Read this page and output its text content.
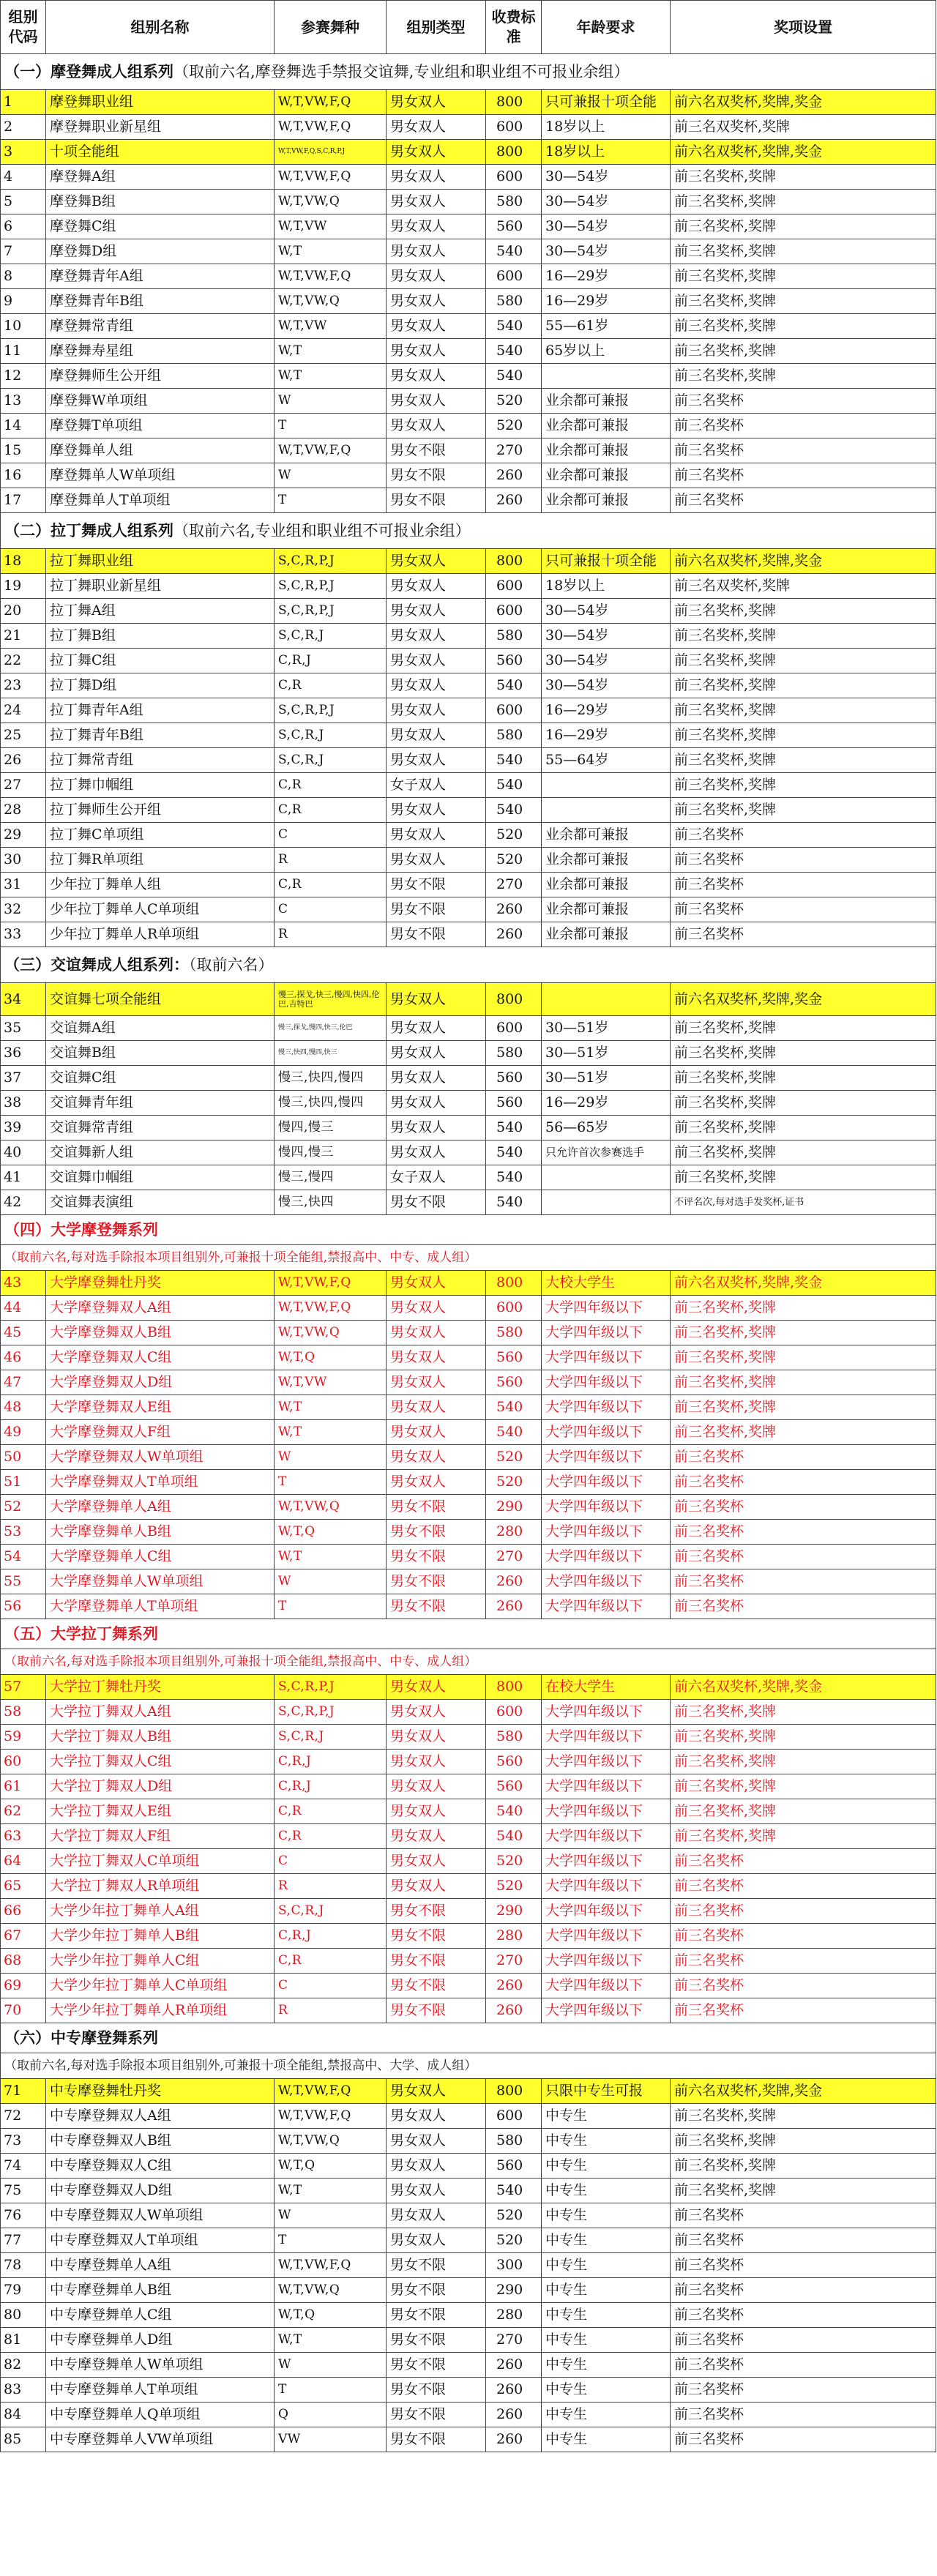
组别代码	组别名称	参赛舞种	组别类型	收费标准	年龄要求	奖项设置
（一）摩登舞成人组系列（取前六名,摩登舞选手禁报交谊舞,专业组和职业组不可报业余组）						
1	摩登舞职业组	W,T,VW,F,Q	男女双人	800	只可兼报十项全能	前六名双奖杯,奖牌,奖金
2	摩登舞职业新星组	W,T,VW,F,Q	男女双人	600	18岁以上	前三名双奖杯,奖牌
3	十项全能组	W,T,VW,F,Q,S,C,R,P,J	男女双人	800	18岁以上	前六名双奖杯,奖牌,奖金
4	摩登舞A组	W,T,VW,F,Q	男女双人	600	30—54岁	前三名奖杯,奖牌
5	摩登舞B组	W,T,VW,Q	男女双人	580	30—54岁	前三名奖杯,奖牌
6	摩登舞C组	W,T,VW	男女双人	560	30—54岁	前三名奖杯,奖牌
7	摩登舞D组	W,T	男女双人	540	30—54岁	前三名奖杯,奖牌
8	摩登舞青年A组	W,T,VW,F,Q	男女双人	600	16—29岁	前三名奖杯,奖牌
9	摩登舞青年B组	W,T,VW,Q	男女双人	580	16—29岁	前三名奖杯,奖牌
10	摩登舞常青组	W,T,VW	男女双人	540	55—61岁	前三名奖杯,奖牌
11	摩登舞寿星组	W,T	男女双人	540	65岁以上	前三名奖杯,奖牌
12	摩登舞师生公开组	W,T	男女双人	540		前三名奖杯,奖牌
13	摩登舞W单项组	W	男女双人	520	业余都可兼报	前三名奖杯
14	摩登舞T单项组	T	男女双人	520	业余都可兼报	前三名奖杯
15	摩登舞单人组	W,T,VW,F,Q	男女不限	270	业余都可兼报	前三名奖杯
16	摩登舞单人W单项组	W	男女不限	260	业余都可兼报	前三名奖杯
17	摩登舞单人T单项组	T	男女不限	260	业余都可兼报	前三名奖杯
（二）拉丁舞成人组系列（取前六名,专业组和职业组不可报业余组）						
18	拉丁舞职业组	S,C,R,P,J	男女双人	800	只可兼报十项全能	前六名双奖杯,奖牌,奖金
19	拉丁舞职业新星组	S,C,R,P,J	男女双人	600	18岁以上	前三名双奖杯,奖牌
20	拉丁舞A组	S,C,R,P,J	男女双人	600	30—54岁	前三名奖杯,奖牌
21	拉丁舞B组	S,C,R,J	男女双人	580	30—54岁	前三名奖杯,奖牌
22	拉丁舞C组	C,R,J	男女双人	560	30—54岁	前三名奖杯,奖牌
23	拉丁舞D组	C,R	男女双人	540	30—54岁	前三名奖杯,奖牌
24	拉丁舞青年A组	S,C,R,P,J	男女双人	600	16—29岁	前三名奖杯,奖牌
25	拉丁舞青年B组	S,C,R,J	男女双人	580	16—29岁	前三名奖杯,奖牌
26	拉丁舞常青组	S,C,R,J	男女双人	540	55—64岁	前三名奖杯,奖牌
27	拉丁舞巾帼组	C,R	女子双人	540		前三名奖杯,奖牌
28	拉丁舞师生公开组	C,R	男女双人	540		前三名奖杯,奖牌
29	拉丁舞C单项组	C	男女双人	520	业余都可兼报	前三名奖杯
30	拉丁舞R单项组	R	男女双人	520	业余都可兼报	前三名奖杯
31	少年拉丁舞单人组	C,R	男女不限	270	业余都可兼报	前三名奖杯
32	少年拉丁舞单人C单项组	C	男女不限	260	业余都可兼报	前三名奖杯
33	少年拉丁舞单人R单项组	R	男女不限	260	业余都可兼报	前三名奖杯
（三）交谊舞成人组系列：（取前六名）						
34	交谊舞七项全能组	慢三,探戈,快三,慢四,快四,伦巴,吉特巴	男女双人	800		前六名双奖杯,奖牌,奖金
35	交谊舞A组	慢三,探戈,慢四,快三,伦巴	男女双人	600	30—51岁	前三名奖杯,奖牌
36	交谊舞B组	慢三,快四,慢四,快三	男女双人	580	30—51岁	前三名奖杯,奖牌
37	交谊舞C组	慢三,快四,慢四	男女双人	560	30—51岁	前三名奖杯,奖牌
38	交谊舞青年组	慢三,快四,慢四	男女双人	560	16—29岁	前三名奖杯,奖牌
39	交谊舞常青组	慢四,慢三	男女双人	540	56—65岁	前三名奖杯,奖牌
40	交谊舞新人组	慢四,慢三	男女双人	540	只允许首次参赛选手	前三名奖杯,奖牌
41	交谊舞巾帼组	慢三,慢四	女子双人	540		前三名奖杯,奖牌
42	交谊舞表演组	慢三,快四	男女不限	540		不评名次,每对选手发奖杯,证书
（四）大学摩登舞系列						
（取前六名,每对选手除报本项目组别外,可兼报十项全能组,禁报高中、中专、成人组）						
43	大学摩登舞牡丹奖	W,T,VW,F,Q	男女双人	800	大校大学生	前六名双奖杯,奖牌,奖金
44	大学摩登舞双人A组	W,T,VW,F,Q	男女双人	600	大学四年级以下	前三名奖杯,奖牌
45	大学摩登舞双人B组	W,T,VW,Q	男女双人	580	大学四年级以下	前三名奖杯,奖牌
46	大学摩登舞双人C组	W,T,Q	男女双人	560	大学四年级以下	前三名奖杯,奖牌
47	大学摩登舞双人D组	W,T,VW	男女双人	560	大学四年级以下	前三名奖杯,奖牌
48	大学摩登舞双人E组	W,T	男女双人	540	大学四年级以下	前三名奖杯,奖牌
49	大学摩登舞双人F组	W,T	男女双人	540	大学四年级以下	前三名奖杯,奖牌
50	大学摩登舞双人W单项组	W	男女双人	520	大学四年级以下	前三名奖杯
51	大学摩登舞双人T单项组	T	男女双人	520	大学四年级以下	前三名奖杯
52	大学摩登舞单人A组	W,T,VW,Q	男女不限	290	大学四年级以下	前三名奖杯
53	大学摩登舞单人B组	W,T,Q	男女不限	280	大学四年级以下	前三名奖杯
54	大学摩登舞单人C组	W,T	男女不限	270	大学四年级以下	前三名奖杯
55	大学摩登舞单人W单项组	W	男女不限	260	大学四年级以下	前三名奖杯
56	大学摩登舞单人T单项组	T	男女不限	260	大学四年级以下	前三名奖杯
（五）大学拉丁舞系列						
（取前六名,每对选手除报本项目组别外,可兼报十项全能组,禁报高中、中专、成人组）						
57	大学拉丁舞牡丹奖	S,C,R,P,J	男女双人	800	在校大学生	前六名双奖杯,奖牌,奖金
58	大学拉丁舞双人A组	S,C,R,P,J	男女双人	600	大学四年级以下	前三名奖杯,奖牌
59	大学拉丁舞双人B组	S,C,R,J	男女双人	580	大学四年级以下	前三名奖杯,奖牌
60	大学拉丁舞双人C组	C,R,J	男女双人	560	大学四年级以下	前三名奖杯,奖牌
61	大学拉丁舞双人D组	C,R,J	男女双人	560	大学四年级以下	前三名奖杯,奖牌
62	大学拉丁舞双人E组	C,R	男女双人	540	大学四年级以下	前三名奖杯,奖牌
63	大学拉丁舞双人F组	C,R	男女双人	540	大学四年级以下	前三名奖杯,奖牌
64	大学拉丁舞双人C单项组	C	男女双人	520	大学四年级以下	前三名奖杯
65	大学拉丁舞双人R单项组	R	男女双人	520	大学四年级以下	前三名奖杯
66	大学少年拉丁舞单人A组	S,C,R,J	男女不限	290	大学四年级以下	前三名奖杯
67	大学少年拉丁舞单人B组	C,R,J	男女不限	280	大学四年级以下	前三名奖杯
68	大学少年拉丁舞单人C组	C,R	男女不限	270	大学四年级以下	前三名奖杯
69	大学少年拉丁舞单人C单项组	C	男女不限	260	大学四年级以下	前三名奖杯
70	大学少年拉丁舞单人R单项组	R	男女不限	260	大学四年级以下	前三名奖杯
（六）中专摩登舞系列						
（取前六名,每对选手除报本项目组别外,可兼报十项全能组,禁报高中、大学、成人组）						
71	中专摩登舞牡丹奖	W,T,VW,F,Q	男女双人	800	只限中专生可报	前六名双奖杯,奖牌,奖金
72	中专摩登舞双人A组	W,T,VW,F,Q	男女双人	600	中专生	前三名奖杯,奖牌
73	中专摩登舞双人B组	W,T,VW,Q	男女双人	580	中专生	前三名奖杯,奖牌
74	中专摩登舞双人C组	W,T,Q	男女双人	560	中专生	前三名奖杯,奖牌
75	中专摩登舞双人D组	W,T	男女双人	540	中专生	前三名奖杯,奖牌
76	中专摩登舞双人W单项组	W	男女双人	520	中专生	前三名奖杯
77	中专摩登舞双人T单项组	T	男女双人	520	中专生	前三名奖杯
78	中专摩登舞单人A组	W,T,VW,F,Q	男女不限	300	中专生	前三名奖杯
79	中专摩登舞单人B组	W,T,VW,Q	男女不限	290	中专生	前三名奖杯
80	中专摩登舞单人C组	W,T,Q	男女不限	280	中专生	前三名奖杯
81	中专摩登舞单人D组	W,T	男女不限	270	中专生	前三名奖杯
82	中专摩登舞单人W单项组	W	男女不限	260	中专生	前三名奖杯
83	中专摩登舞单人T单项组	T	男女不限	260	中专生	前三名奖杯
84	中专摩登舞单人Q单项组	Q	男女不限	260	中专生	前三名奖杯
85	中专摩登舞单人VW单项组	VW	男女不限	260	中专生	前三名奖杯
